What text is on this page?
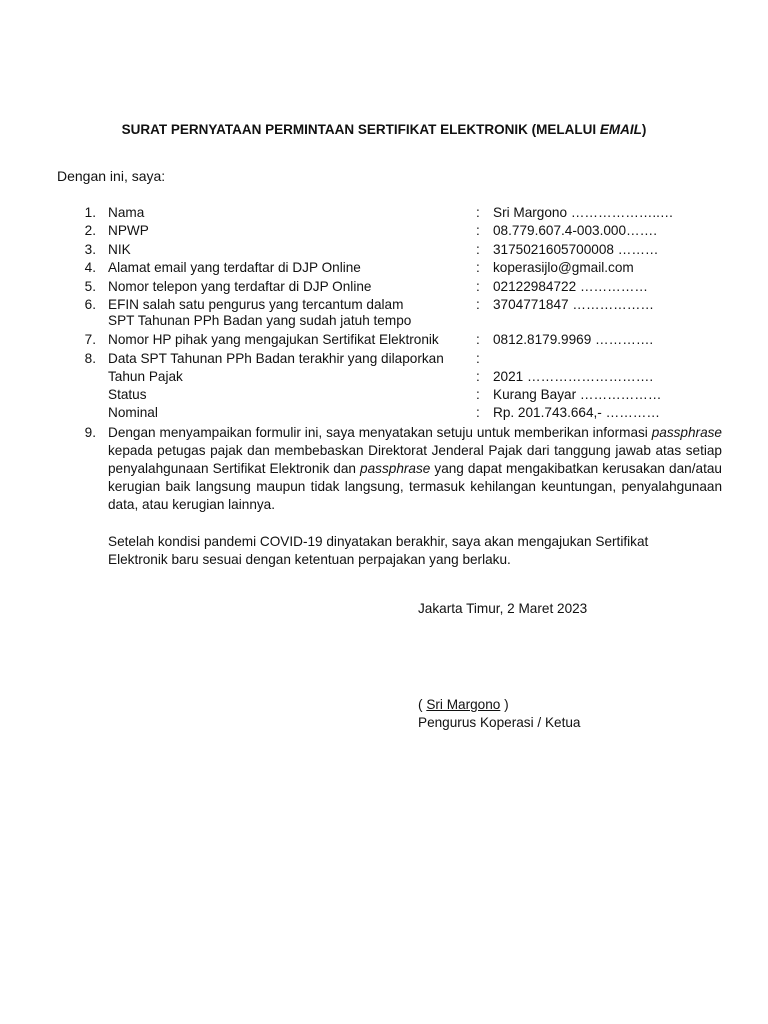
SURAT PERNYATAAN PERMINTAAN SERTIFIKAT ELEKTRONIK (MELALUI EMAIL)
Dengan ini, saya:
1. Nama	: Sri Margono ………………..…
2. NPWP	: 08.779.607.4-003.000…….
3. NIK	: 3175021605700008 ………
4. Alamat email yang terdaftar di DJP Online	: koperasijlo@gmail.com
5. Nomor telepon yang terdaftar di DJP Online	: 02122984722 ……………
6. EFIN salah satu pengurus yang tercantum dalam
SPT Tahunan PPh Badan yang sudah jatuh tempo
: 3704771847 ………………
7. Nomor HP pihak yang mengajukan Sertifikat Elektronik	: 0812.8179.9969 ………….
8. Data SPT Tahunan PPh Badan terakhir yang dilaporkan :
Tahun Pajak	: 2021 ……………………….
Status	: Kurang Bayar ………………
Nominal	: Rp. 201.743.664,- …………
9. Dengan menyampaikan formulir ini, saya menyatakan setuju untuk memberikan informasi passphrase kepada petugas pajak dan membebaskan Direktorat Jenderal Pajak dari tanggung jawab atas setiap penyalahgunaan Sertifikat Elektronik dan passphrase yang dapat mengakibatkan kerusakan dan/atau kerugian baik langsung maupun tidak langsung, termasuk kehilangan keuntungan, penyalahgunaan data, atau kerugian lainnya.
Setelah kondisi pandemi COVID-19 dinyatakan berakhir, saya akan mengajukan Sertifikat Elektronik baru sesuai dengan ketentuan perpajakan yang berlaku.
Jakarta Timur, 2 Maret 2023
( Sri Margono )
Pengurus Koperasi / Ketua
